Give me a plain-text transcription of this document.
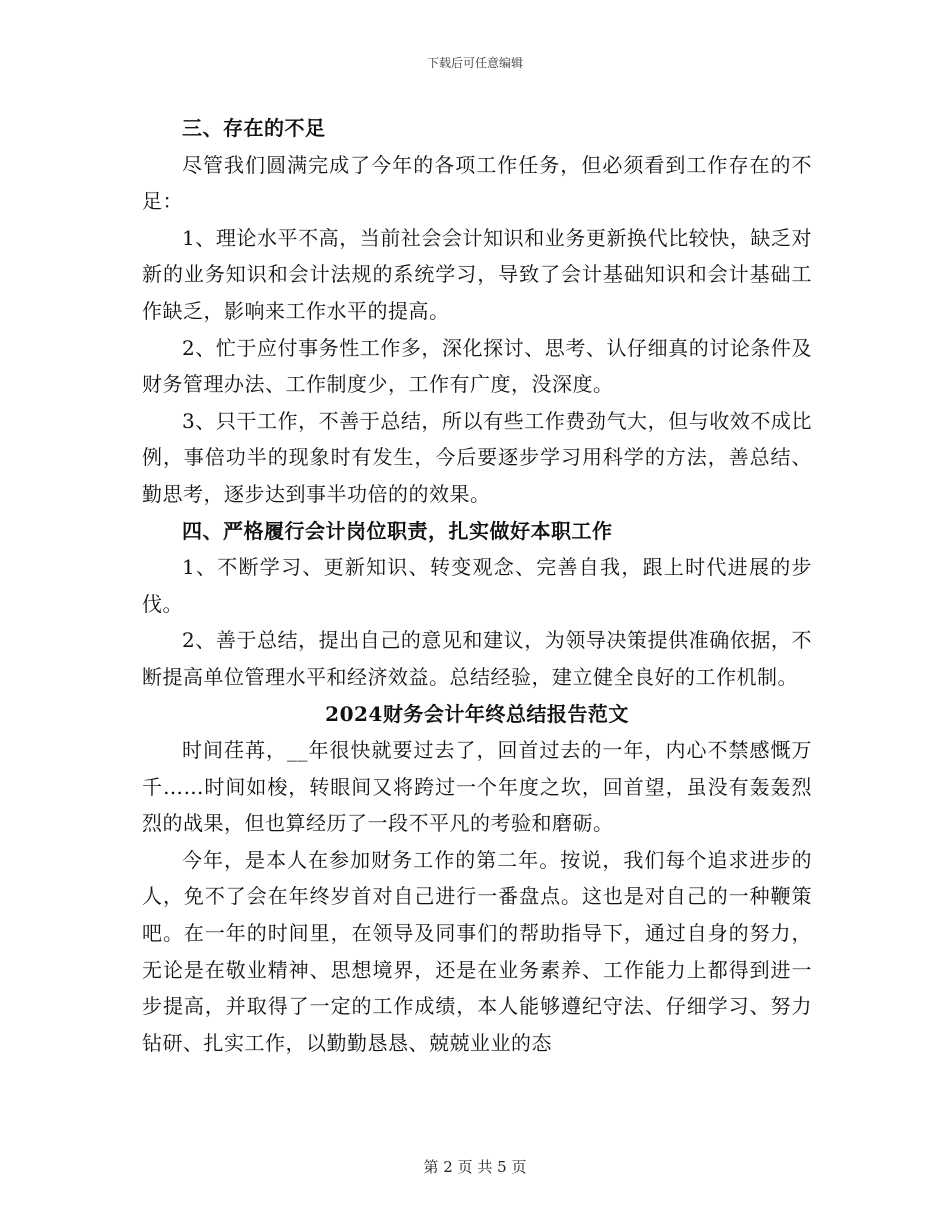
下载后可任意编辑

三、存在的不足

尽管我们圆满完成了今年的各项工作任务，但必须看到工作存在的不足：

1、理论水平不高，当前社会会计知识和业务更新换代比较快，缺乏对新的业务知识和会计法规的系统学习，导致了会计基础知识和会计基础工作缺乏，影响来工作水平的提高。

2、忙于应付事务性工作多，深化探讨、思考、认仔细真的讨论条件及财务管理办法、工作制度少，工作有广度，没深度。

3、只干工作，不善于总结，所以有些工作费劲气大，但与收效不成比例，事倍功半的现象时有发生，今后要逐步学习用科学的方法，善总结、勤思考，逐步达到事半功倍的的效果。

四、严格履行会计岗位职责，扎实做好本职工作

1、不断学习、更新知识、转变观念、完善自我，跟上时代进展的步伐。

2、善于总结，提出自己的意见和建议，为领导决策提供准确依据，不断提高单位管理水平和经济效益。总结经验，建立健全良好的工作机制。

2024财务会计年终总结报告范文

时间荏苒，__年很快就要过去了，回首过去的一年，内心不禁感慨万千……时间如梭，转眼间又将跨过一个年度之坎，回首望，虽没有轰轰烈烈的战果，但也算经历了一段不平凡的考验和磨砺。

今年，是本人在参加财务工作的第二年。按说，我们每个追求进步的人，免不了会在年终岁首对自己进行一番盘点。这也是对自己的一种鞭策吧。在一年的时间里，在领导及同事们的帮助指导下，通过自身的努力，无论是在敬业精神、思想境界，还是在业务素养、工作能力上都得到进一步提高，并取得了一定的工作成绩，本人能够遵纪守法、仔细学习、努力钻研、扎实工作，以勤勤恳恳、兢兢业业的态

第 2 页 共 5 页
